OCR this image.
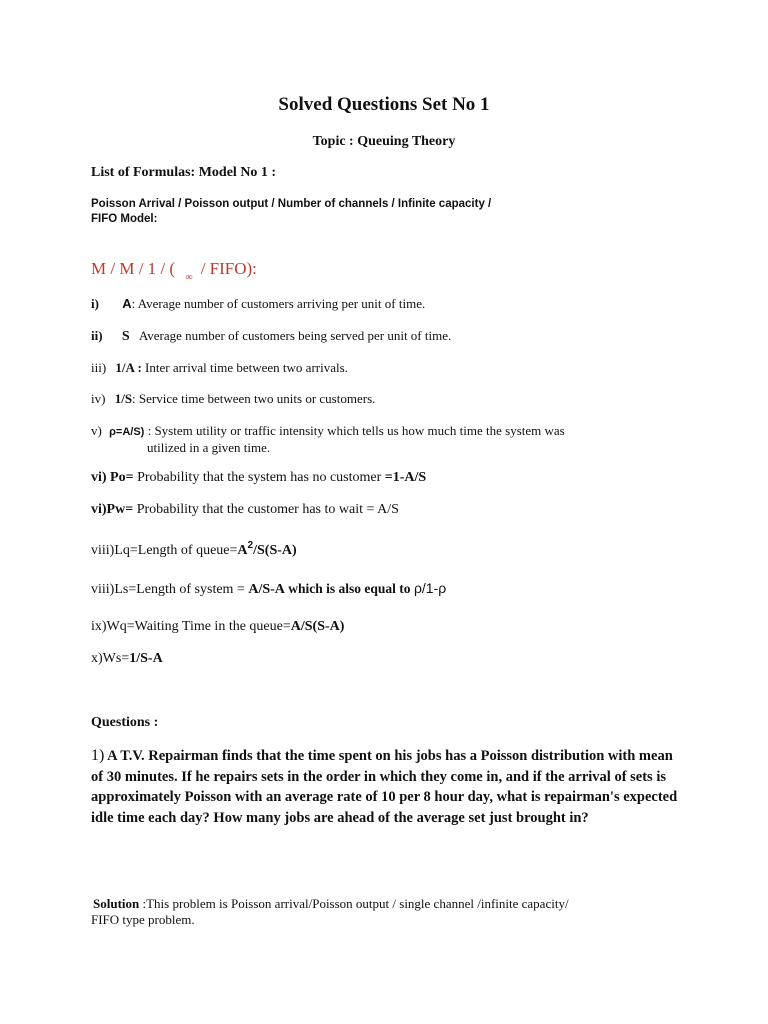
Solved Questions Set No 1
Topic : Queuing Theory
List of Formulas: Model No 1 :
Poisson Arrival / Poisson output / Number of channels / Infinite capacity /
FIFO Model:
M / M / 1 / ( $_\infty$ / FIFO):
i) A: Average number of customers arriving per unit of time.
ii) S Average number of customers being served per unit of time.
iii) 1/A : Inter arrival time between two arrivals.
iv) 1/S: Service time between two units or customers.
v) ρ=A/S) : System utility or traffic intensity which tells us how much time the system was
utilized in a given time.
vi) Po= Probability that the system has no customer =1-A/S
vi)Pw= Probability that the customer has to wait = A/S
viii)Lq=Length of $queue=A^2/S(S-A)$
viii)Ls=Length of system = A/S-A which is also equal to ρ/1-ρ
ix)Wq=Waiting Time in the queue=A/S(S-A)
x)Ws=1/S-A
Questions :
1) A T.V. Repairman finds that the time spent on his jobs has a Poisson distribution with mean of 30 minutes. If he repairs sets in the order in which they come in, and if the arrival of sets is approximately Poisson with an average rate of 10 per 8 hour day, what is repairman's expected idle time each day? How many jobs are ahead of the average set just brought in?
Solution :This problem is Poisson arrival/Poisson output / single channel /infinite capacity/
FIFO type problem.
